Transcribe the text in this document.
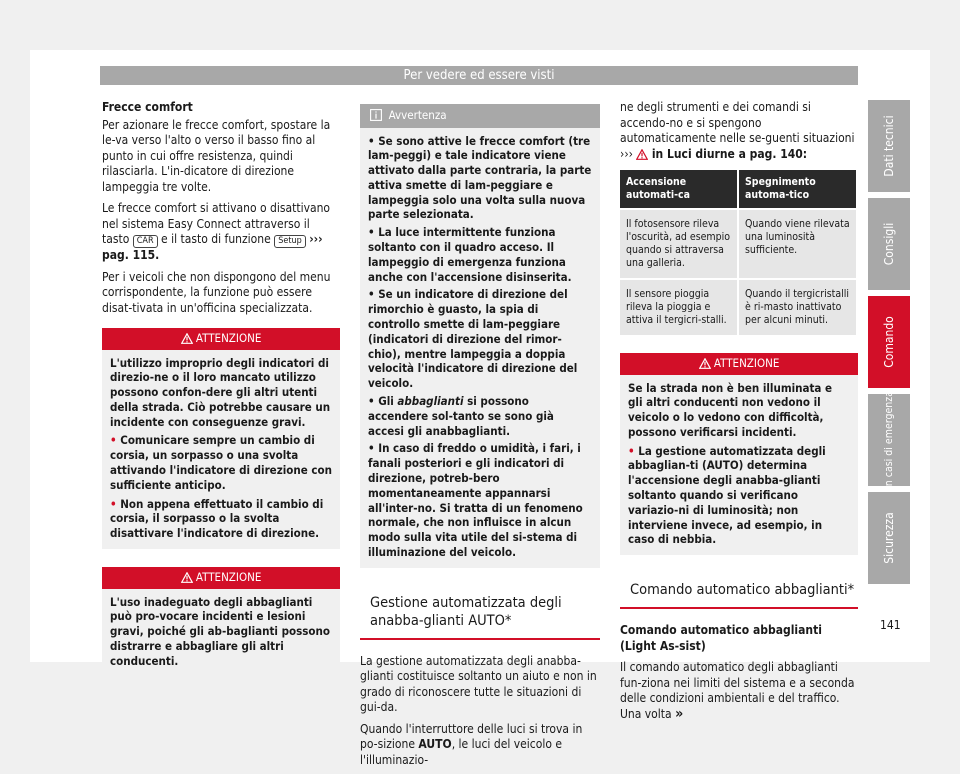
Per vedere ed essere visti

Frecce comfort

Per azionare le frecce comfort, spostare la le-va verso l'alto o verso il basso fino al punto in cui offre resistenza, quindi rilasciarla. L'in-dicatore di direzione lampeggia tre volte.

Le frecce comfort si attivano o disattivano nel sistema Easy Connect attraverso il tasto CAR e il tasto di funzione Setup ››› pag. 115.

Per i veicoli che non dispongono del menu corrispondente, la funzione può essere disat-tivata in un'officina specializzata.

ATTENZIONE
L'utilizzo improprio degli indicatori di direzio-ne o il loro mancato utilizzo possono confon-dere gli altri utenti della strada. Ciò potrebbe causare un incidente con conseguenze gravi.
• Comunicare sempre un cambio di corsia, un sorpasso o una svolta attivando l'indicatore di direzione con sufficiente anticipo.
• Non appena effettuato il cambio di corsia, il sorpasso o la svolta disattivare l'indicatore di direzione.
ATTENZIONE
L'uso inadeguato degli abbaglianti può pro-vocare incidenti e lesioni gravi, poiché gli ab-baglianti possono distrarre e abbagliare gli altri conducenti.
Avvertenza
• Se sono attive le frecce comfort (tre lam-peggi) e tale indicatore viene attivato dalla parte contraria, la parte attiva smette di lam-peggiare e lampeggia solo una volta sulla nuova parte selezionata.
• La luce intermittente funziona soltanto con il quadro acceso. Il lampeggio di emergenza funziona anche con l'accensione disinserita.
• Se un indicatore di direzione del rimorchio è guasto, la spia di controllo smette di lam-peggiare (indicatori di direzione del rimor-chio), mentre lampeggia a doppia velocità l'indicatore di direzione del veicolo.
• Gli abbaglianti si possono accendere sol-tanto se sono già accesi gli anabbaglianti.
• In caso di freddo o umidità, i fari, i fanali posteriori e gli indicatori di direzione, potreb-bero momentaneamente appannarsi all'inter-no. Si tratta di un fenomeno normale, che non influisce in alcun modo sulla vita utile del si-stema di illuminazione del veicolo.
Gestione automatizzata degli anabba-glianti AUTO*

La gestione automatizzata degli anabba-glianti costituisce soltanto un aiuto e non in grado di riconoscere tutte le situazioni di gui-da.

Quando l'interruttore delle luci si trova in po-sizione AUTO, le luci del veicolo e l'illuminazio-

ne degli strumenti e dei comandi si accendo-no e si spengono automaticamente nelle se-guenti situazioni ››› in Luci diurne a pag. 140:

Accensione automati-ca	Spegnimento automa-tico
Il fotosensore rileva l'oscurità, ad esempio quando si attraversa una galleria.	Quando viene rilevata una luminosità sufficiente.
Il sensore pioggia rileva la pioggia e attiva il tergicri-stalli.	Quando il tergicristalli è ri-masto inattivato per alcuni minuti.
ATTENZIONE
Se la strada non è ben illuminata e gli altri conducenti non vedono il veicolo o lo vedono con difficoltà, possono verificarsi incidenti.
• La gestione automatizzata degli abbaglian-ti (AUTO) determina l'accensione degli anabba-glianti soltanto quando si verificano variazio-ni di luminosità; non interviene invece, ad esempio, in caso di nebbia.
Comando automatico abbaglianti*

Comando automatico abbaglianti (Light As-sist)

Il comando automatico degli abbaglianti fun-ziona nei limiti del sistema e a seconda delle condizioni ambientali e del traffico. Una volta »

Dati tecnici
Consigli
Comando
In casi di emergenza
Sicurezza
141
